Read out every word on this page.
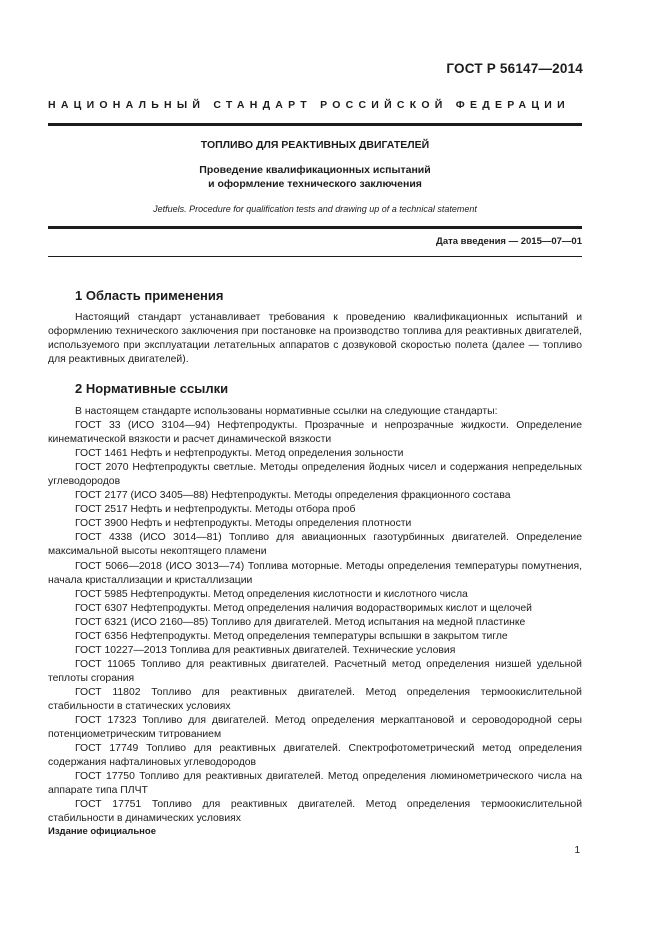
ГОСТ Р 56147—2014
НАЦИОНАЛЬНЫЙ СТАНДАРТ РОССИЙСКОЙ ФЕДЕРАЦИИ
ТОПЛИВО ДЛЯ РЕАКТИВНЫХ ДВИГАТЕЛЕЙ
Проведение квалификационных испытаний
и оформление технического заключения
Jetfuels. Procedure for qualification tests and drawing up of a technical statement
Дата введения — 2015—07—01
1 Область применения

Настоящий стандарт устанавливает требования к проведению квалификационных испытаний и оформлению технического заключения при постановке на производство топлива для реактивных двигателей, используемого при эксплуатации летательных аппаратов с дозвуковой скоростью полета (далее — топливо для реактивных двигателей).

2 Нормативные ссылки

В настоящем стандарте использованы нормативные ссылки на следующие стандарты:

ГОСТ 33 (ИСО 3104—94) Нефтепродукты. Прозрачные и непрозрачные жидкости. Определение кинематической вязкости и расчет динамической вязкости

ГОСТ 1461 Нефть и нефтепродукты. Метод определения зольности

ГОСТ 2070 Нефтепродукты светлые. Методы определения йодных чисел и содержания непредельных углеводородов

ГОСТ 2177 (ИСО 3405—88) Нефтепродукты. Методы определения фракционного состава

ГОСТ 2517 Нефть и нефтепродукты. Методы отбора проб

ГОСТ 3900 Нефть и нефтепродукты. Методы определения плотности

ГОСТ 4338 (ИСО 3014—81) Топливо для авиационных газотурбинных двигателей. Определение максимальной высоты некоптящего пламени

ГОСТ 5066—2018 (ИСО 3013—74) Топлива моторные. Методы определения температуры помутнения, начала кристаллизации и кристаллизации

ГОСТ 5985 Нефтепродукты. Метод определения кислотности и кислотного числа

ГОСТ 6307 Нефтепродукты. Метод определения наличия водорастворимых кислот и щелочей

ГОСТ 6321 (ИСО 2160—85) Топливо для двигателей. Метод испытания на медной пластинке

ГОСТ 6356 Нефтепродукты. Метод определения температуры вспышки в закрытом тигле

ГОСТ 10227—2013 Топлива для реактивных двигателей. Технические условия

ГОСТ 11065 Топливо для реактивных двигателей. Расчетный метод определения низшей удельной теплоты сгорания

ГОСТ 11802 Топливо для реактивных двигателей. Метод определения термоокислительной стабильности в статических условиях

ГОСТ 17323 Топливо для двигателей. Метод определения меркаптановой и сероводородной серы потенциометрическим титрованием

ГОСТ 17749 Топливо для реактивных двигателей. Спектрофотометрический метод определения содержания нафталиновых углеводородов

ГОСТ 17750 Топливо для реактивных двигателей. Метод определения люминометрического числа на аппарате типа ПЛЧТ

ГОСТ 17751 Топливо для реактивных двигателей. Метод определения термоокислительной стабильности в динамических условиях

Издание официальное
1
